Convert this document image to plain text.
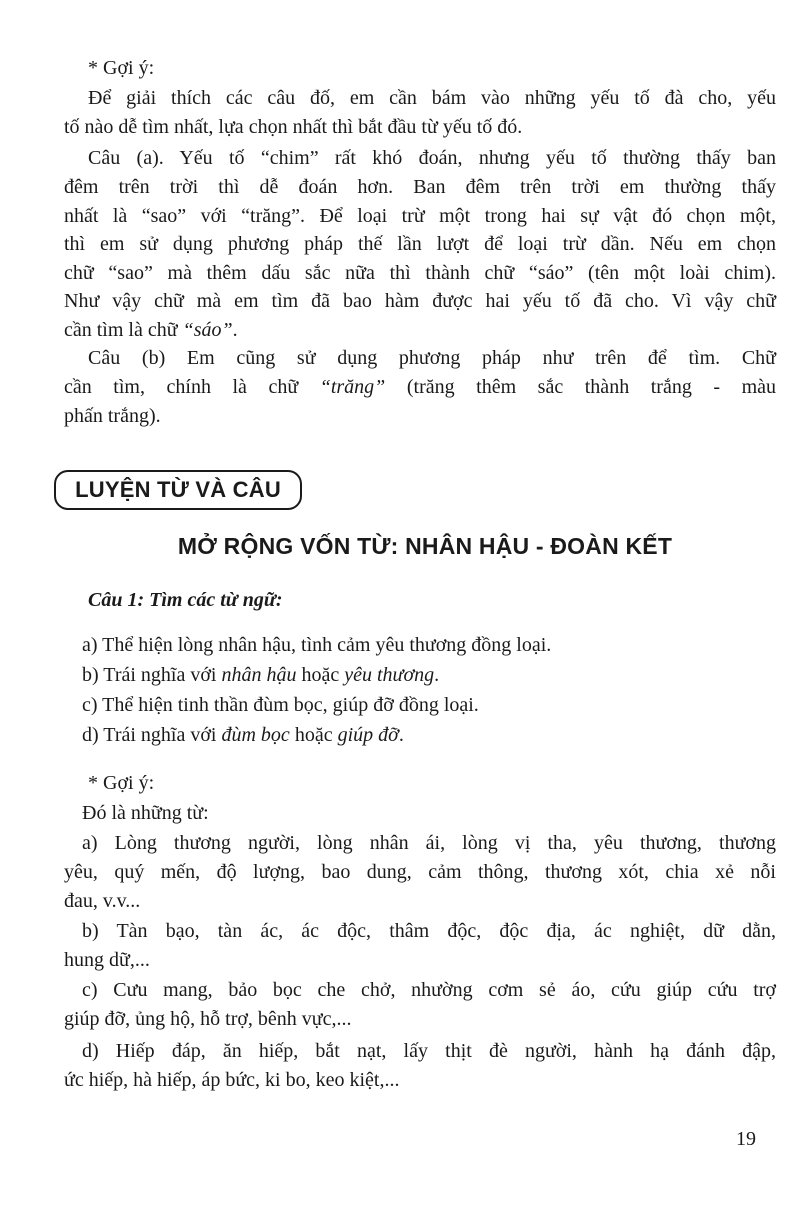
* Gợi ý:
Để giải thích các câu đố, em cần bám vào những yếu tố đà cho, yếu
tố nào dễ tìm nhất, lựa chọn nhất thì bắt đầu từ yếu tố đó.
Câu (a). Yếu tố “chim” rất khó đoán, nhưng yếu tố thường thấy ban
đêm trên trời thì dễ đoán hơn. Ban đêm trên trời em thường thấy
nhất là “sao” với “trăng”. Để loại trừ một trong hai sự vật đó chọn một,
thì em sử dụng phương pháp thế lần lượt để loại trừ dần. Nếu em chọn
chữ “sao” mà thêm dấu sắc nữa thì thành chữ “sáo” (tên một loài chim).
Như vậy chữ mà em tìm đã bao hàm được hai yếu tố đã cho. Vì vậy chữ
cần tìm là chữ “sáo”.
Câu (b) Em cũng sử dụng phương pháp như trên để tìm. Chữ
cần tìm, chính là chữ “trăng” (trăng thêm sắc thành trắng - màu
phấn trắng).
LUYỆN TỪ VÀ CÂU
MỞ RỘNG VỐN TỪ: NHÂN HẬU - ĐOÀN KẾT
Câu 1: Tìm các từ ngữ:
a) Thể hiện lòng nhân hậu, tình cảm yêu thương đồng loại.
b) Trái nghĩa với nhân hậu hoặc yêu thương.
c) Thể hiện tinh thần đùm bọc, giúp đỡ đồng loại.
d) Trái nghĩa với đùm bọc hoặc giúp đỡ.
* Gợi ý:
Đó là những từ:
a) Lòng thương người, lòng nhân ái, lòng vị tha, yêu thương, thương
yêu, quý mến, độ lượng, bao dung, cảm thông, thương xót, chia xẻ nỗi
đau, v.v...
b) Tàn bạo, tàn ác, ác độc, thâm độc, độc địa, ác nghiệt, dữ dằn,
hung dữ,...
c) Cưu mang, bảo bọc che chở, nhường cơm sẻ áo, cứu giúp cứu trợ
giúp đỡ, ủng hộ, hỗ trợ, bênh vực,...
d) Hiếp đáp, ăn hiếp, bắt nạt, lấy thịt đè người, hành hạ đánh đập,
ức hiếp, hà hiếp, áp bức, ki bo, keo kiệt,...
19
